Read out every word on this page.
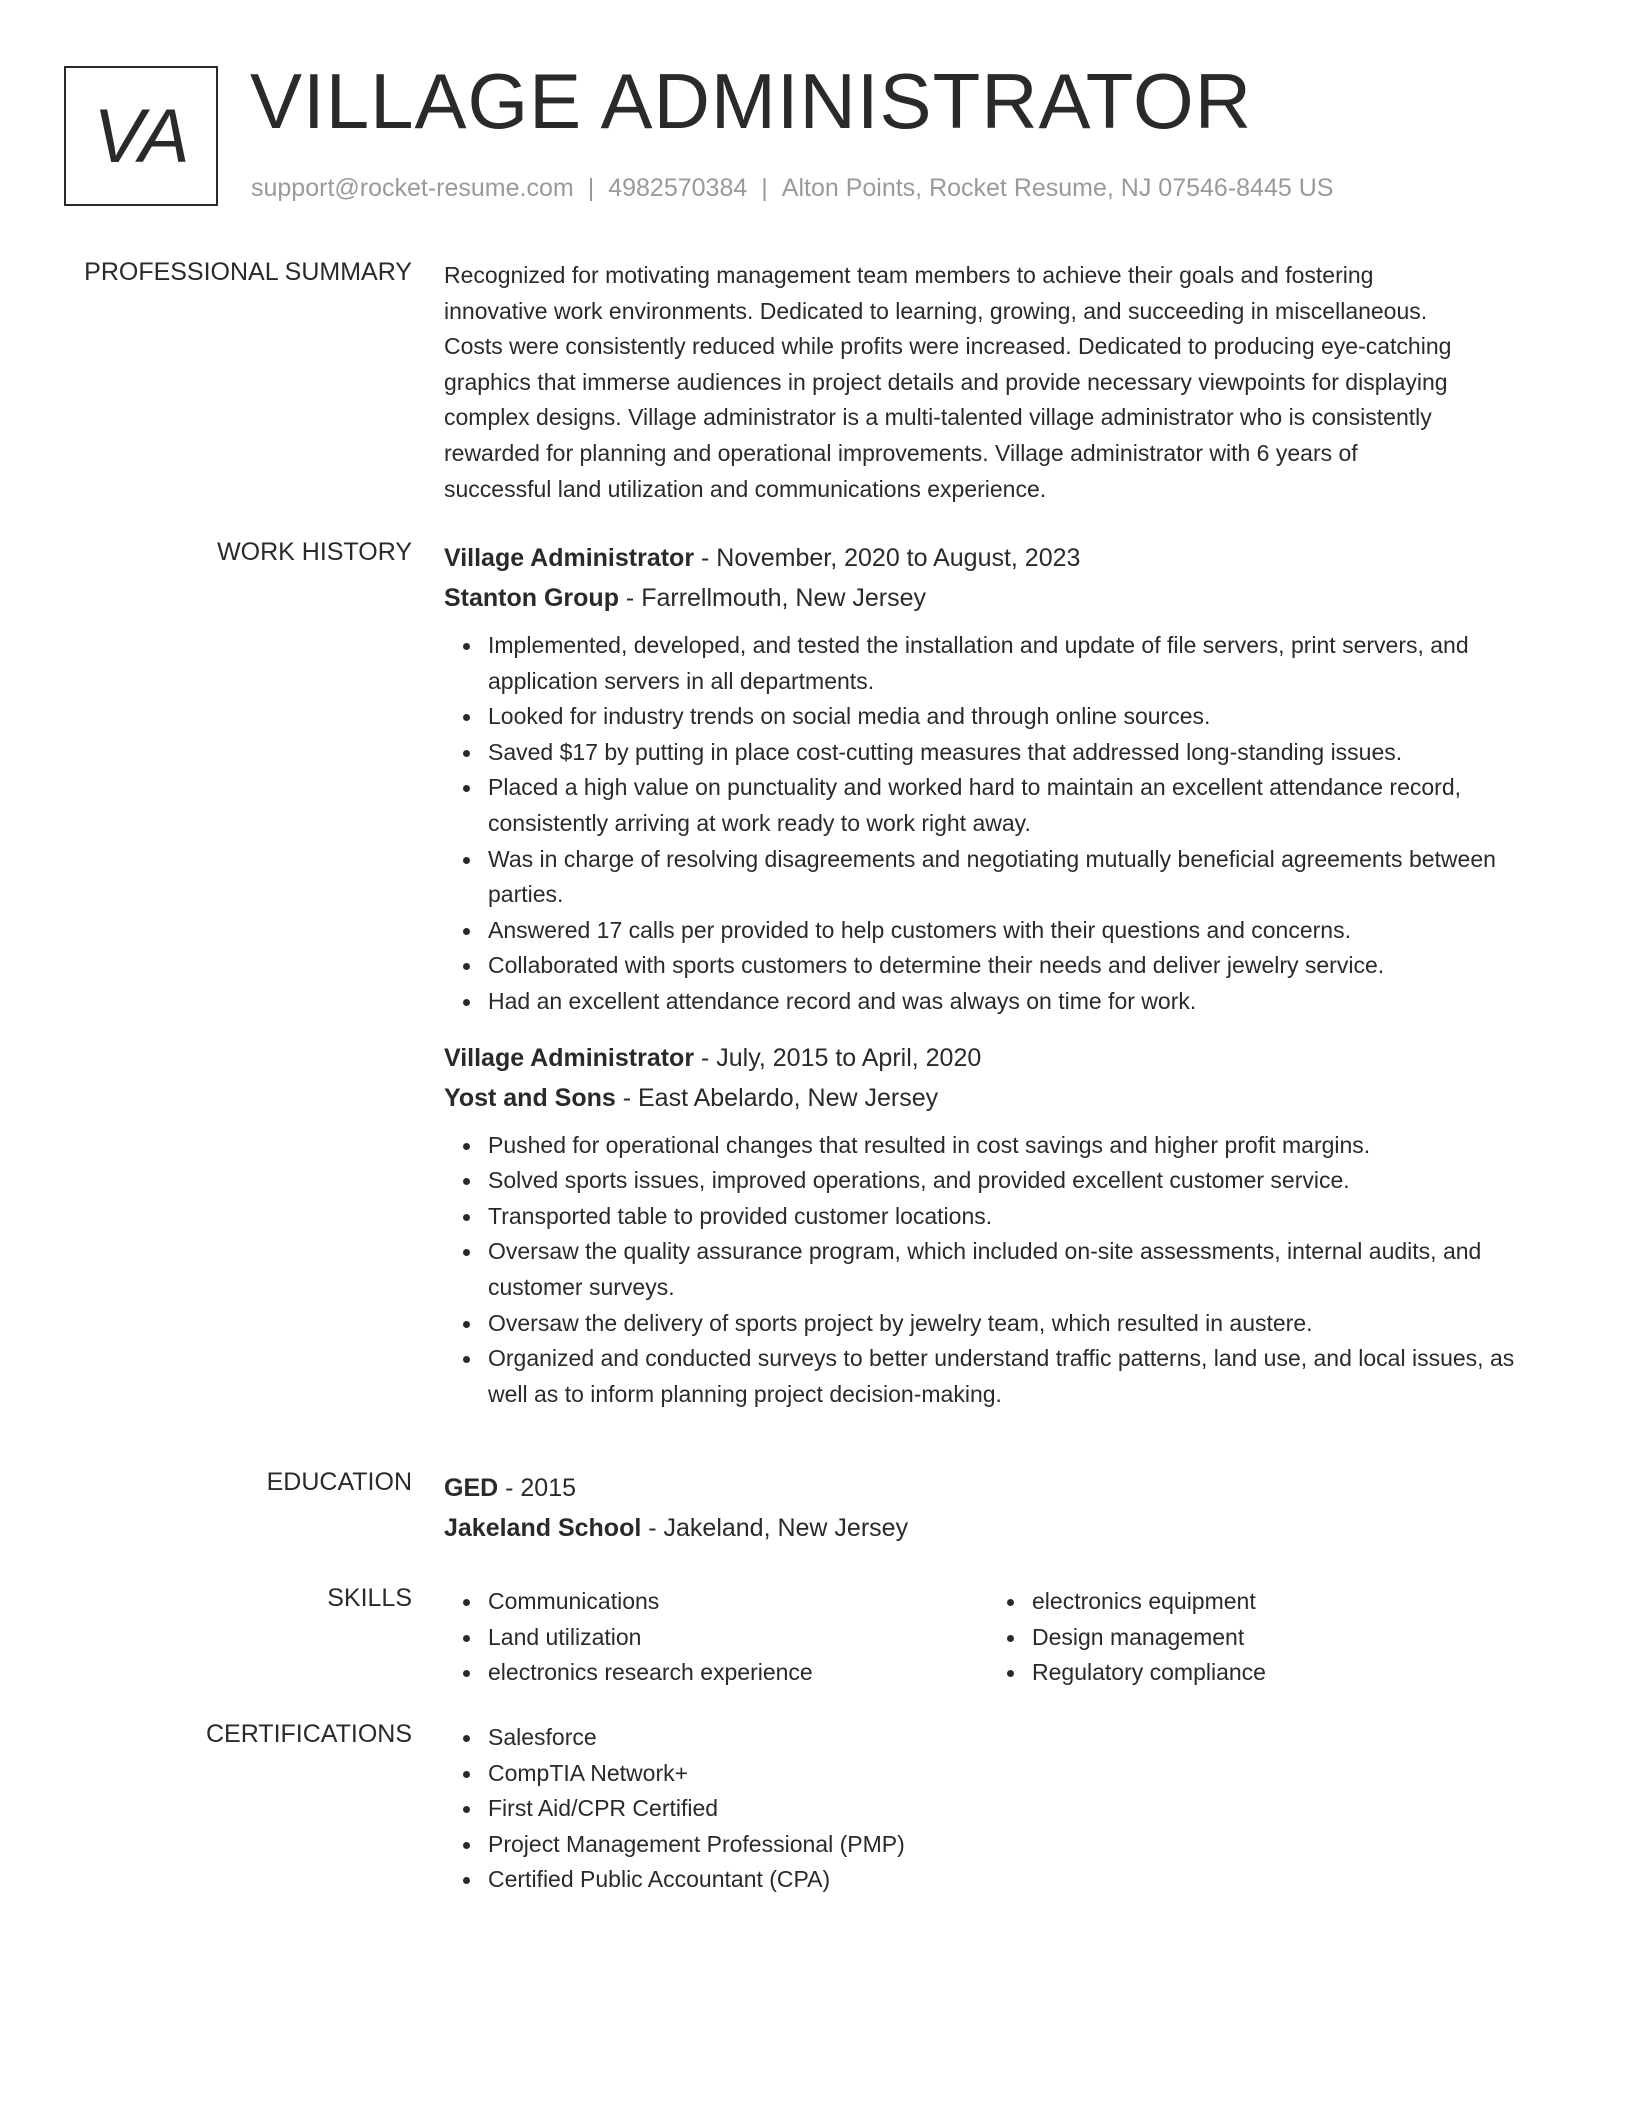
VA VILLAGE ADMINISTRATOR
support@rocket-resume.com | 4982570384 | Alton Points, Rocket Resume, NJ 07546-8445 US
PROFESSIONAL SUMMARY Recognized for motivating management team members to achieve their goals and fostering
innovative work environments. Dedicated to learning, growing, and succeeding in miscellaneous.
Costs were consistently reduced while profits were increased. Dedicated to producing eye-catching
graphics that immerse audiences in project details and provide necessary viewpoints for displaying
complex designs. Village administrator is a multi-talented village administrator who is consistently
rewarded for planning and operational improvements. Village administrator with 6 years of
successful land utilization and communications experience.

WORK HISTORY Village Administrator - November, 2020 to August, 2023
Stanton Group - Farrellmouth, New Jersey
Implemented, developed, and tested the installation and update of file servers, print servers, and application servers in all departments.
Looked for industry trends on social media and through online sources.
Saved $17 by putting in place cost-cutting measures that addressed long-standing issues.
Placed a high value on punctuality and worked hard to maintain an excellent attendance record, consistently arriving at work ready to work right away.
Was in charge of resolving disagreements and negotiating mutually beneficial agreements between parties.
Answered 17 calls per provided to help customers with their questions and concerns.
Collaborated with sports customers to determine their needs and deliver jewelry service.
Had an excellent attendance record and was always on time for work.
Village Administrator - July, 2015 to April, 2020
Yost and Sons - East Abelardo, New Jersey
Pushed for operational changes that resulted in cost savings and higher profit margins.
Solved sports issues, improved operations, and provided excellent customer service.
Transported table to provided customer locations.
Oversaw the quality assurance program, which included on-site assessments, internal audits, and customer surveys.
Oversaw the delivery of sports project by jewelry team, which resulted in austere.
Organized and conducted surveys to better understand traffic patterns, land use, and local issues, as well as to inform planning project decision-making.
EDUCATION GED - 2015
Jakeland School - Jakeland, New Jersey
SKILLS	Communications
Land utilization
electronics research experience
electronics equipment
Design management
Regulatory compliance
CERTIFICATIONS	Salesforce
CompTIA Network+
First Aid/CPR Certified
Project Management Professional (PMP)
Certified Public Accountant (CPA)
